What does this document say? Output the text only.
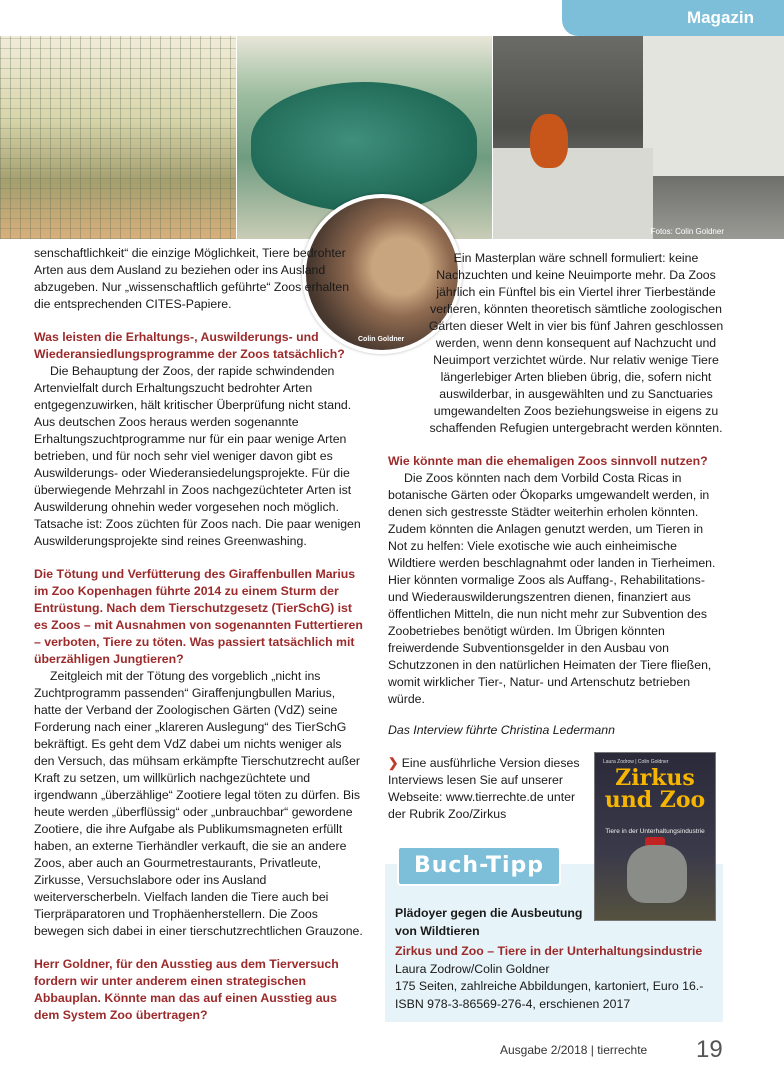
Magazin
Fotos: Colin Goldner
Colin Goldner

senschaftlichkeit“ die einzige Möglichkeit, Tiere bedrohter Arten aus dem Ausland zu beziehen oder ins Ausland abzugeben. Nur „wissenschaftlich geführte“ Zoos erhalten die entsprechenden CITES-Papiere.

Was leisten die Erhaltungs-, Auswilderungs- und Wiederansiedlungsprogramme der Zoos tatsächlich?

Die Behauptung der Zoos, der rapide schwindenden Artenvielfalt durch Erhaltungszucht bedrohter Arten entgegenzuwirken, hält kritischer Überprüfung nicht stand. Aus deutschen Zoos heraus werden sogenannte Erhaltungszuchtprogramme nur für ein paar wenige Arten betrieben, und für noch sehr viel weniger davon gibt es Auswilderungs- oder Wiederansiedelungsprojekte. Für die überwiegende Mehrzahl in Zoos nachgezüchteter Arten ist Auswilderung ohnehin weder vorgesehen noch möglich. Tatsache ist: Zoos züchten für Zoos nach. Die paar wenigen Auswilderungsprojekte sind reines Greenwashing.

Die Tötung und Verfütterung des Giraffenbullen Marius im Zoo Kopenhagen führte 2014 zu einem Sturm der Entrüstung. Nach dem Tierschutzgesetz (TierSchG) ist es Zoos – mit Ausnahmen von sogenannten Futtertieren – verboten, Tiere zu töten. Was passiert tatsächlich mit überzähligen Jungtieren?

Zeitgleich mit der Tötung des vorgeblich „nicht ins Zuchtprogramm passenden“ Giraffenjungbullen Marius, hatte der Verband der Zoologischen Gärten (VdZ) seine Forderung nach einer „klareren Auslegung“ des TierSchG bekräftigt. Es geht dem VdZ dabei um nichts weniger als den Versuch, das mühsam erkämpfte Tierschutzrecht außer Kraft zu setzen, um willkürlich nachgezüchtete und irgendwann „überzählige“ Zootiere legal töten zu dürfen. Bis heute werden „überflüssig“ oder „unbrauchbar“ gewordene Zootiere, die ihre Aufgabe als Publikumsmagneten erfüllt haben, an externe Tierhändler verkauft, die sie an andere Zoos, aber auch an Gourmetrestaurants, Privatleute, Zirkusse, Versuchslabore oder ins Ausland weiterverscherbeln. Vielfach landen die Tiere auch bei Tierpräparatoren und Trophäenherstellern. Die Zoos bewegen sich dabei in einer tierschutzrechtlichen Grauzone.

Herr Goldner, für den Ausstieg aus dem Tierversuch fordern wir unter anderem einen strategischen Abbauplan. Könnte man das auf einen Ausstieg aus dem System Zoo übertragen?

Ein Masterplan wäre schnell formuliert: keine Nachzuchten und keine Neuimporte mehr. Da Zoos jährlich ein Fünftel bis ein Viertel ihrer Tierbestände verlieren, könnten theoretisch sämtliche zoologischen Gärten dieser Welt in vier bis fünf Jahren geschlossen werden, wenn denn konsequent auf Nachzucht und Neuimport verzichtet würde. Nur relativ wenige Tiere längerlebiger Arten blieben übrig, die, sofern nicht auswilderbar, in ausgewählten und zu Sanctuaries umgewandelten Zoos beziehungsweise in eigens zu schaffenden Refugien untergebracht werden könnten.

Wie könnte man die ehemaligen Zoos sinnvoll nutzen?

Die Zoos könnten nach dem Vorbild Costa Ricas in botanische Gärten oder Ökoparks umgewandelt werden, in denen sich gestresste Städter weiterhin erholen könnten. Zudem könnten die Anlagen genutzt werden, um Tieren in Not zu helfen: Viele exotische wie auch einheimische Wildtiere werden beschlagnahmt oder landen in Tierheimen. Hier könnten vormalige Zoos als Auffang-, Rehabilitations- und Wiederauswilderungszentren dienen, finanziert aus öffentlichen Mitteln, die nun nicht mehr zur Subvention des Zoobetriebes benötigt würden. Im Übrigen könnten freiwerdende Subventionsgelder in den Ausbau von Schutzzonen in den natürlichen Heimaten der Tiere fließen, womit wirklicher Tier-, Natur- und Artenschutz betrieben würde.

Das Interview führte Christina Ledermann

❯ Eine ausführliche Version dieses Interviews lesen Sie auf unserer Webseite: www.tierrechte.de unter der Rubrik Zoo/Zirkus

Buch-Tipp
Laura Zodrow | Colin Goldner
Zirkus
und Zoo
Tiere in der Unterhaltungsindustrie
Plädoyer gegen die Ausbeutung von Wildtieren
Zirkus und Zoo – Tiere in der Unterhaltungsindustrie
Laura Zodrow/Colin Goldner
175 Seiten, zahlreiche Abbildungen, kartoniert, Euro 16.-
ISBN 978-3-86569-276-4, erschienen 2017
Ausgabe 2/2018 | tierrechte 19
